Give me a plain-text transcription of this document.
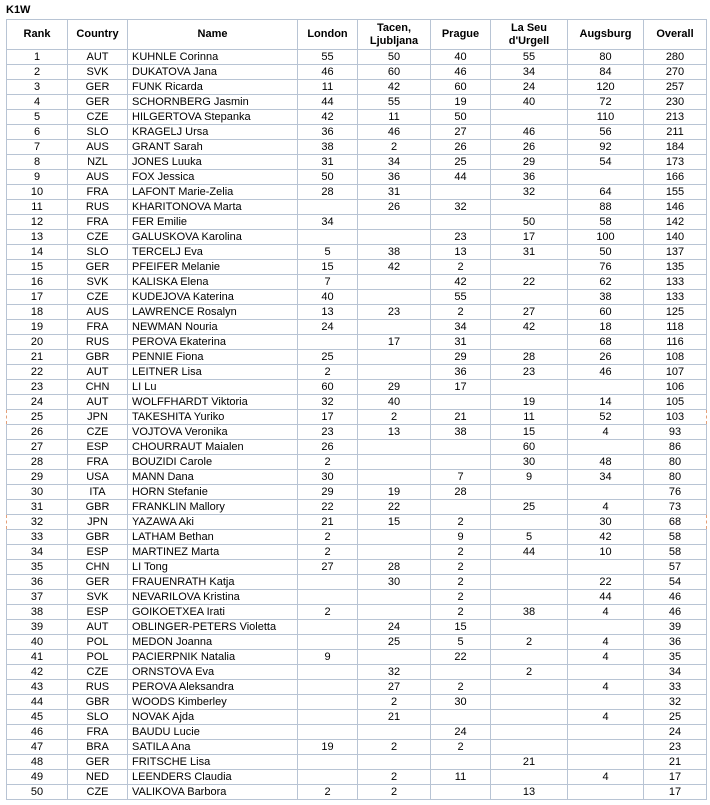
K1W
Rank	Country	Name	London	Tacen, Ljubljana	Prague	La Seu d'Urgell	Augsburg	Overall
1	AUT	KUHNLE Corinna	55	50	40	55	80	280
2	SVK	DUKATOVA Jana	46	60	46	34	84	270
3	GER	FUNK Ricarda	11	42	60	24	120	257
4	GER	SCHORNBERG Jasmin	44	55	19	40	72	230
5	CZE	HILGERTOVA Stepanka	42	11	50		110	213
6	SLO	KRAGELJ Ursa	36	46	27	46	56	211
7	AUS	GRANT Sarah	38	2	26	26	92	184
8	NZL	JONES Luuka	31	34	25	29	54	173
9	AUS	FOX Jessica	50	36	44	36		166
10	FRA	LAFONT Marie-Zelia	28	31		32	64	155
11	RUS	KHARITONOVA Marta		26	32		88	146
12	FRA	FER Emilie	34			50	58	142
13	CZE	GALUSKOVA Karolina			23	17	100	140
14	SLO	TERCELJ Eva	5	38	13	31	50	137
15	GER	PFEIFER Melanie	15	42	2		76	135
16	SVK	KALISKA Elena	7		42	22	62	133
17	CZE	KUDEJOVA Katerina	40		55		38	133
18	AUS	LAWRENCE Rosalyn	13	23	2	27	60	125
19	FRA	NEWMAN Nouria	24		34	42	18	118
20	RUS	PEROVA Ekaterina		17	31		68	116
21	GBR	PENNIE Fiona	25		29	28	26	108
22	AUT	LEITNER Lisa	2		36	23	46	107
23	CHN	LI Lu	60	29	17			106
24	AUT	WOLFFHARDT Viktoria	32	40		19	14	105
25	JPN	TAKESHITA Yuriko	17	2	21	11	52	103
26	CZE	VOJTOVA Veronika	23	13	38	15	4	93
27	ESP	CHOURRAUT Maialen	26			60		86
28	FRA	BOUZIDI Carole	2			30	48	80
29	USA	MANN Dana	30		7	9	34	80
30	ITA	HORN Stefanie	29	19	28			76
31	GBR	FRANKLIN Mallory	22	22		25	4	73
32	JPN	YAZAWA Aki	21	15	2		30	68
33	GBR	LATHAM Bethan	2		9	5	42	58
34	ESP	MARTINEZ Marta	2		2	44	10	58
35	CHN	LI Tong	27	28	2			57
36	GER	FRAUENRATH Katja		30	2		22	54
37	SVK	NEVARILOVA Kristina			2		44	46
38	ESP	GOIKOETXEA Irati	2		2	38	4	46
39	AUT	OBLINGER-PETERS Violetta		24	15			39
40	POL	MEDON Joanna		25	5	2	4	36
41	POL	PACIERPNIK Natalia	9		22		4	35
42	CZE	ORNSTOVA Eva		32		2		34
43	RUS	PEROVA Aleksandra		27	2		4	33
44	GBR	WOODS Kimberley		2	30			32
45	SLO	NOVAK Ajda		21			4	25
46	FRA	BAUDU Lucie			24			24
47	BRA	SATILA Ana	19	2	2			23
48	GER	FRITSCHE Lisa				21		21
49	NED	LEENDERS Claudia		2	11		4	17
50	CZE	VALIKOVA Barbora	2	2		13		17
